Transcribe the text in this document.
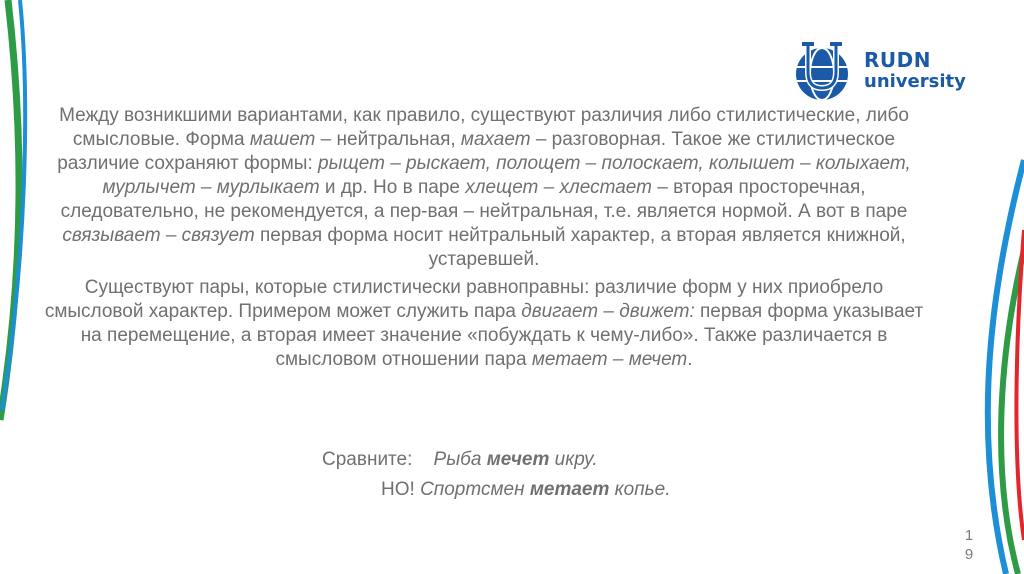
RUDN
university

Между возникшими вариантами, как правило, существуют различия либо стилистические, либо смысловые. Форма машет – нейтральная, махает – разговорная. Такое же стилистическое различие сохраняют формы: рыщет – рыскает, полощет – полоскает, колышет – колыхает, мурлычет – мурлыкает и др. Но в паре хлещет – хлестает – вторая просторечная, следовательно, не рекомендуется, а пер-вая – нейтральная, т.е. является нормой. А вот в паре связывает – связует первая форма носит нейтральный характер, а вторая является книжной, устаревшей.

Существуют пары, которые стилистически равноправны: различие форм у них приобрело смысловой характер. Примером может служить пара двигает – движет: первая форма указывает на перемещение, а вторая имеет значение «побуждать к чему-либо». Также различается в смысловом отношении пара метает – мечет.

Сравните:    Рыба мечет икру.
НО! Спортсмен метает копье.
1
9
